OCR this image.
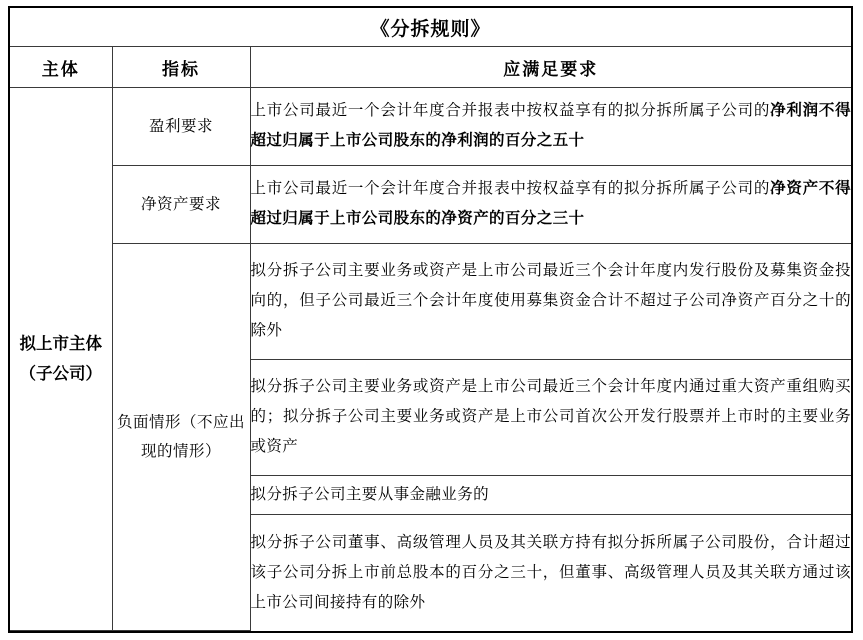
《分拆规则》		
主体	指标	应满足要求
拟上市主体（子公司）	盈利要求	上市公司最近一个会计年度合并报表中按权益享有的拟分拆所属子公司的净利润不得超过归属于上市公司股东的净利润的百分之五十

	净资产要求	上市公司最近一个会计年度合并报表中按权益享有的拟分拆所属子公司的净资产不得超过归属于上市公司股东的净资产的百分之三十

	负面情形（不应出现的情形）	拟分拆子公司主要业务或资产是上市公司最近三个会计年度内发行股份及募集资金投向的，但子公司最近三个会计年度使用募集资金合计不超过子公司净资产百分之十的除外

		拟分拆子公司主要业务或资产是上市公司最近三个会计年度内通过重大资产重组购买的；拟分拆子公司主要业务或资产是上市公司首次公开发行股票并上市时的主要业务或资产

		拟分拆子公司主要从事金融业务的

		拟分拆子公司董事、高级管理人员及其关联方持有拟分拆所属子公司股份，合计超过该子公司分拆上市前总股本的百分之三十，但董事、高级管理人员及其关联方通过该上市公司间接持有的除外
